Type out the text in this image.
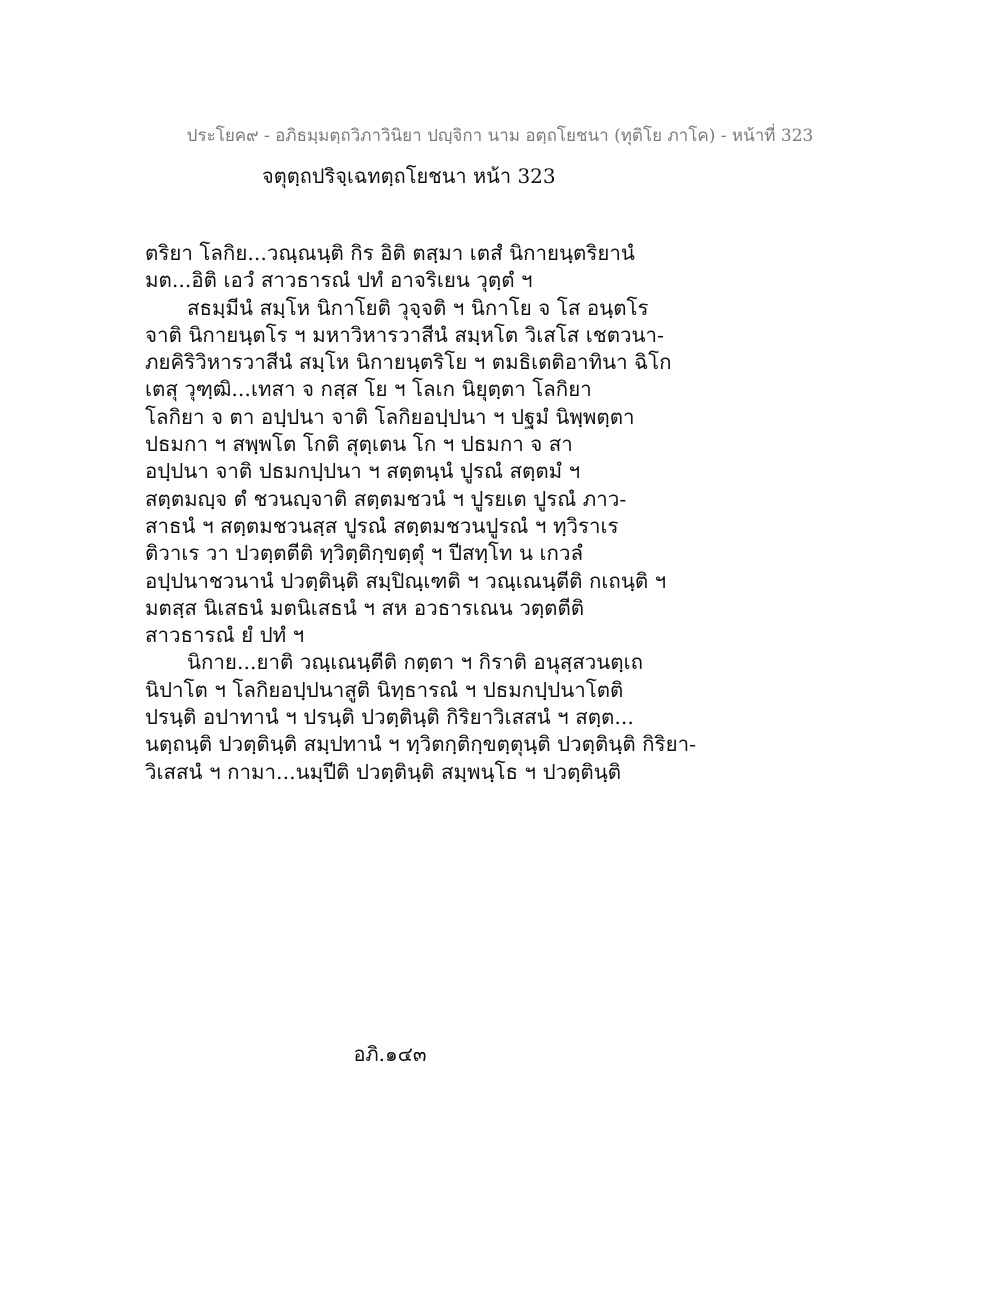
ประโยค๙ - อภิธมฺมตฺถวิภาวินิยา ปญฺจิกา นาม อตฺถโยชนา (ทุติโย ภาโค) - หน้าที่ 323
จตุตฺถปริจฺเฉทตฺถโยชนา หน้า 323
ตริยา โลกิย...วณฺณนฺติ กิร อิติ ตสฺมา เตสํ นิกายนฺตริยานํ
มต...อิติ เอวํ สาวธารณํ ปทํ อาจริเยน วุตฺตํ ฯ
สธมฺมีนํ สมฺโห นิกาโยติ วุจฺจติ ฯ นิกาโย จ โส อนฺตโร
จาติ นิกายนฺตโร ฯ มหาวิหารวาสีนํ สมฺหโต วิเสโส เชตวนา-
ภยคิริวิหารวาสีนํ สมฺโห นิกายนฺตริโย ฯ ตมธิเตติอาทินา ฉิโก
เตสุ วุฑฺฒิ...เทสา จ กสฺส โย ฯ โลเก นิยุตฺตา โลกิยา
โลกิยา จ ตา อปฺปนา จาติ โลกิยอปฺปนา ฯ ปฐมํ นิพฺพตฺตา
ปธมกา ฯ สพฺพโต โกติ สุตฺเตน โก ฯ ปธมกา จ สา
อปฺปนา จาติ ปธมกปฺปนา ฯ สตฺตนฺนํ ปูรณํ สตฺตมํ ฯ
สตฺตมญฺจ ตํ ชวนญฺจาติ สตฺตมชวนํ ฯ ปูรยเต ปูรณํ ภาว-
สาธนํ ฯ สตฺตมชวนสฺส ปูรณํ สตฺตมชวนปูรณํ ฯ ทฺวิราเร
ติวาเร วา ปวตฺตตีติ ทฺวิตฺติกฺขตฺตุํ ฯ ปีสทฺโท น เกวลํ
อปฺปนาชวนานํ ปวตฺตินฺติ สมฺปิณฺเฑติ ฯ วณฺเณนฺตีติ กเถนฺติ ฯ
มตสฺส นิเสธนํ มตนิเสธนํ ฯ สห อวธารเณน วตฺตตีติ
สาวธารณํ ยํ ปทํ ฯ
นิกาย...ยาติ วณฺเณนฺตีติ กตฺตา ฯ กิราติ อนุสฺสวนตฺเถ
นิปาโต ฯ โลกิยอปฺปนาสูติ นิทฺธารณํ ฯ ปธมกปฺปนาโตติ
ปรนฺติ อปาทานํ ฯ ปรนฺติ ปวตฺตินฺติ กิริยาวิเสสนํ ฯ สตฺต...
นตฺถนฺติ ปวตฺตินฺติ สมฺปทานํ ฯ ทฺวิตกฺติกฺขตฺตุนฺติ ปวตฺตินฺติ กิริยา-
วิเสสนํ ฯ กามา...นมฺปีติ ปวตฺตินฺติ สมฺพนฺโธ ฯ ปวตฺตินฺติ
อภิ.๑๔๓
